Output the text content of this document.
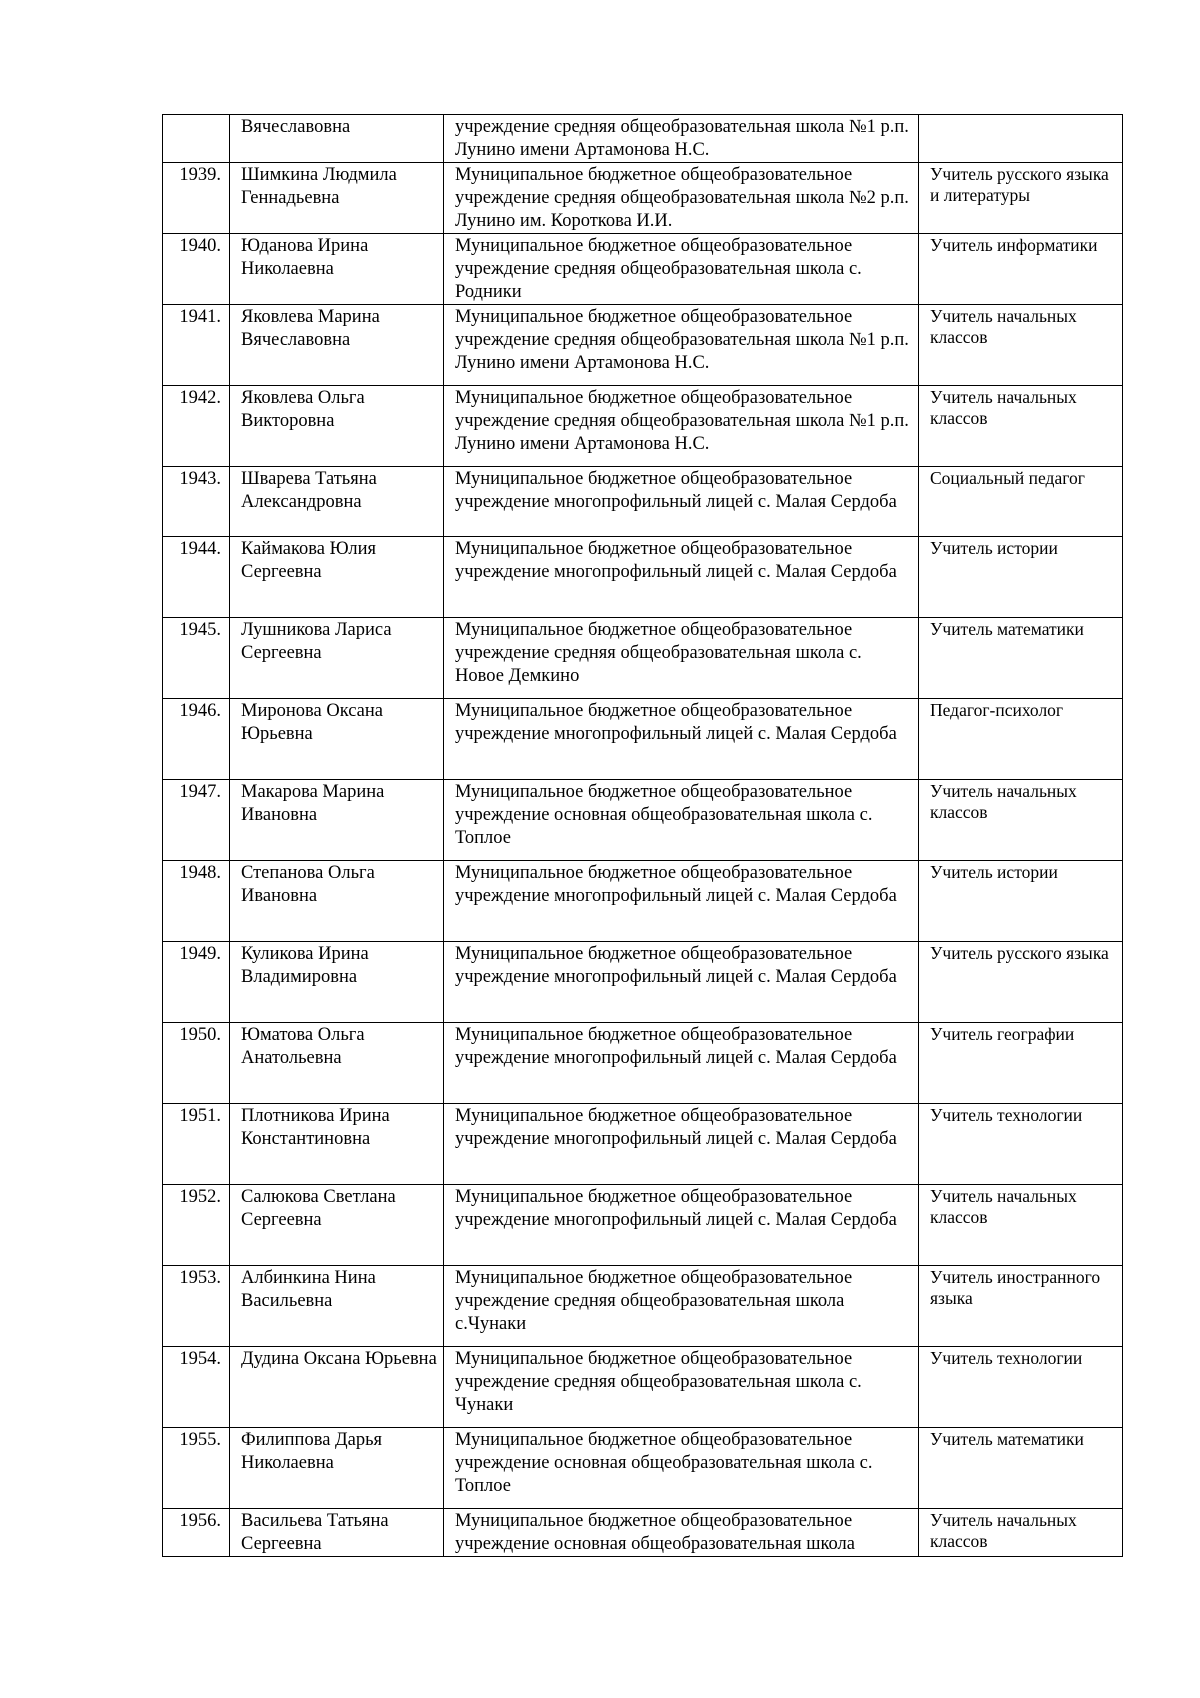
	Вячеславовна	учреждение средняя общеобразовательная школа №1 р.п. Лунино имени Артамонова Н.С.	
1939.	Шимкина Людмила Геннадьевна	Муниципальное бюджетное общеобразовательное учреждение средняя общеобразовательная школа №2 р.п. Лунино им. Короткова И.И.	Учитель русского языка и литературы
1940.	Юданова Ирина Николаевна	Муниципальное бюджетное общеобразовательное учреждение средняя общеобразовательная школа с. Родники	Учитель информатики
1941.	Яковлева Марина Вячеславовна	Муниципальное бюджетное общеобразовательное учреждение средняя общеобразовательная школа №1 р.п. Лунино имени Артамонова Н.С.	Учитель начальных классов
1942.	Яковлева Ольга Викторовна	Муниципальное бюджетное общеобразовательное учреждение средняя общеобразовательная школа №1 р.п. Лунино имени Артамонова Н.С.	Учитель начальных классов
1943.	Шварева Татьяна Александровна	Муниципальное бюджетное общеобразовательное учреждение многопрофильный лицей с. Малая Сердоба	Социальный педагог
1944.	Каймакова Юлия Сергеевна	Муниципальное бюджетное общеобразовательное учреждение многопрофильный лицей с. Малая Сердоба	Учитель истории
1945.	Лушникова Лариса Сергеевна	Муниципальное бюджетное общеобразовательное учреждение средняя общеобразовательная школа с. Новое Демкино	Учитель математики
1946.	Миронова Оксана Юрьевна	Муниципальное бюджетное общеобразовательное учреждение многопрофильный лицей с. Малая Сердоба	Педагог-психолог
1947.	Макарова Марина Ивановна	Муниципальное бюджетное общеобразовательное учреждение основная общеобразовательная школа с. Топлое	Учитель начальных классов
1948.	Степанова Ольга Ивановна	Муниципальное бюджетное общеобразовательное учреждение многопрофильный лицей с. Малая Сердоба	Учитель истории
1949.	Куликова Ирина Владимировна	Муниципальное бюджетное общеобразовательное учреждение многопрофильный лицей с. Малая Сердоба	Учитель русского языка
1950.	Юматова Ольга Анатольевна	Муниципальное бюджетное общеобразовательное учреждение многопрофильный лицей с. Малая Сердоба	Учитель географии
1951.	Плотникова Ирина Константиновна	Муниципальное бюджетное общеобразовательное учреждение многопрофильный лицей с. Малая Сердоба	Учитель технологии
1952.	Салюкова Светлана Сергеевна	Муниципальное бюджетное общеобразовательное учреждение многопрофильный лицей с. Малая Сердоба	Учитель начальных классов
1953.	Албинкина Нина Васильевна	Муниципальное бюджетное общеобразовательное учреждение средняя общеобразовательная школа с.Чунаки	Учитель иностранного языка
1954.	Дудина Оксана Юрьевна	Муниципальное бюджетное общеобразовательное учреждение средняя общеобразовательная школа с. Чунаки	Учитель технологии
1955.	Филиппова Дарья Николаевна	Муниципальное бюджетное общеобразовательное учреждение основная общеобразовательная школа с. Топлое	Учитель математики
1956.	Васильева Татьяна Сергеевна	Муниципальное бюджетное общеобразовательное учреждение основная общеобразовательная школа	Учитель начальных классов
